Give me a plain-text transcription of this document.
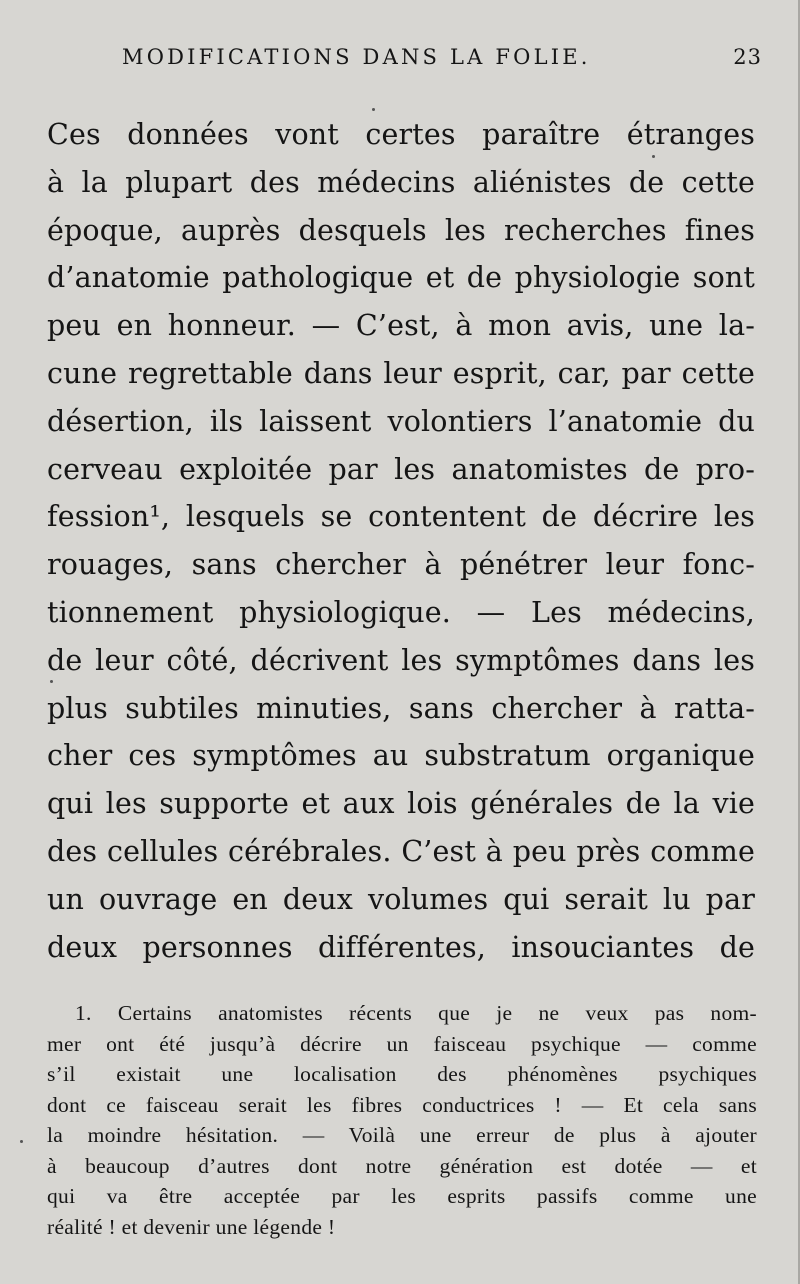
MODIFICATIONS DANS LA FOLIE.	23
Ces données vont certes paraître étranges
à la plupart des médecins aliénistes de cette
époque, auprès desquels les recherches fines
d’anatomie pathologique et de physiologie sont
peu en honneur. — C’est, à mon avis, une la-
cune regrettable dans leur esprit, car, par cette
désertion, ils laissent volontiers l’anatomie du
cerveau exploitée par les anatomistes de pro-
fession¹, lesquels se contentent de décrire les
rouages, sans chercher à pénétrer leur fonc-
tionnement physiologique. — Les médecins,
de leur côté, décrivent les symptômes dans les
plus subtiles minuties, sans chercher à ratta-
cher ces symptômes au substratum organique
qui les supporte et aux lois générales de la vie
des cellules cérébrales. C’est à peu près comme
un ouvrage en deux volumes qui serait lu par
deux personnes différentes, insouciantes de
1. Certains anatomistes récents que je ne veux pas nom-
mer ont été jusqu’à décrire un faisceau psychique — comme
s’il existait une localisation des phénomènes psychiques
dont ce faisceau serait les fibres conductrices ! — Et cela sans
la moindre hésitation. — Voilà une erreur de plus à ajouter
à beaucoup d’autres dont notre génération est dotée — et
qui va être acceptée par les esprits passifs comme une
réalité ! et devenir une légende !
